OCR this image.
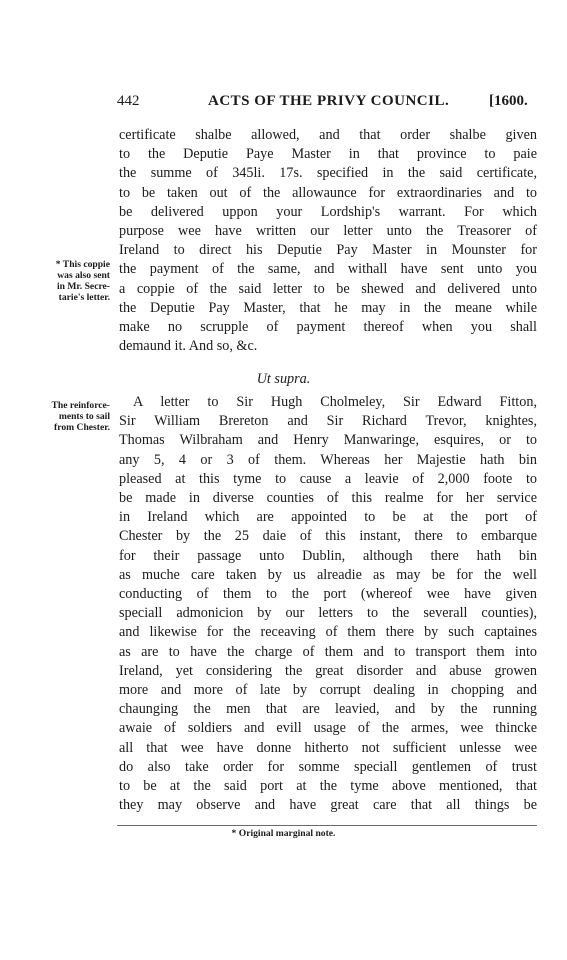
442	ACTS OF THE PRIVY COUNCIL.	[1600.
certificate shalbe allowed, and that order shalbe given
to the Deputie Paye Master in that province to paie
the summe of 345li. 17s. specified in the said certificate,
to be taken out of the allowaunce for extraordinaries and to
be delivered uppon your Lordship's warrant. For which
purpose wee have written our letter unto the Treasorer of
Ireland to direct his Deputie Pay Master in Mounster for
the payment of the same, and withall have sent unto you
a coppie of the said letter to be shewed and delivered unto
the Deputie Pay Master, that he may in the meane while
make no scrupple of payment thereof when you shall
demaund it. And so, &c.
* This coppie
was also sent
in Mr. Secre-
tarie's letter.
Ut supra.
The reinforce-
ments to sail
from Chester.
A letter to Sir Hugh Cholmeley, Sir Edward Fitton,
Sir William Brereton and Sir Richard Trevor, knightes,
Thomas Wilbraham and Henry Manwaringe, esquires, or to
any 5, 4 or 3 of them. Whereas her Majestie hath bin
pleased at this tyme to cause a leavie of 2,000 foote to
be made in diverse counties of this realme for her service
in Ireland which are appointed to be at the port of
Chester by the 25 daie of this instant, there to embarque
for their passage unto Dublin, although there hath bin
as muche care taken by us alreadie as may be for the well
conducting of them to the port (whereof wee have given
speciall admonicion by our letters to the severall counties),
and likewise for the receaving of them there by such captaines
as are to have the charge of them and to transport them into
Ireland, yet considering the great disorder and abuse growen
more and more of late by corrupt dealing in chopping and
chaunging the men that are leavied, and by the running
awaie of soldiers and evill usage of the armes, wee thincke
all that wee have donne hitherto not sufficient unlesse wee
do also take order for somme speciall gentlemen of trust
to be at the said port at the tyme above mentioned, that
they may observe and have great care that all things be
* Original marginal note.
